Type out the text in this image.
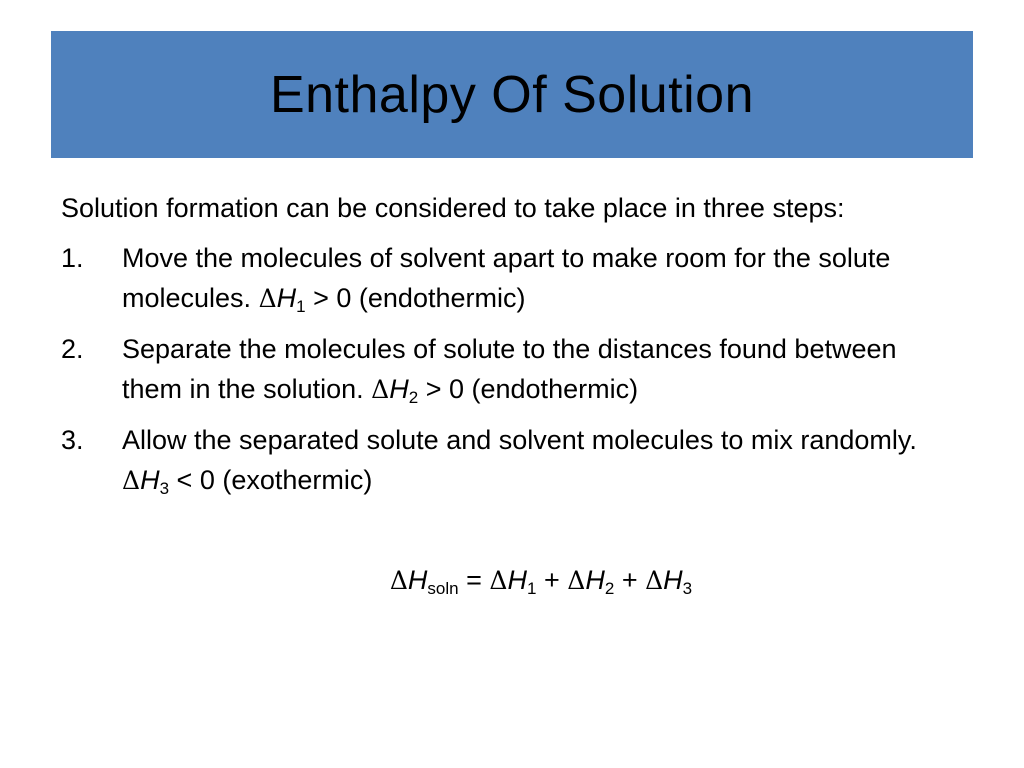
Enthalpy Of Solution

Solution formation can be considered to take place in three steps:

1. Move the molecules of solvent apart to make room for the solute molecules. $\Delta H_1 > 0$ (endothermic)
2. Separate the molecules of solute to the distances found between them in the solution. $\Delta H_2 > 0$ (endothermic)
3. Allow the separated solute and solvent molecules to mix randomly. $\Delta H_3 < 0$ (exothermic)
$\Delta H_{soln} = \Delta H_1 + \Delta H_2 + \Delta H_3$
